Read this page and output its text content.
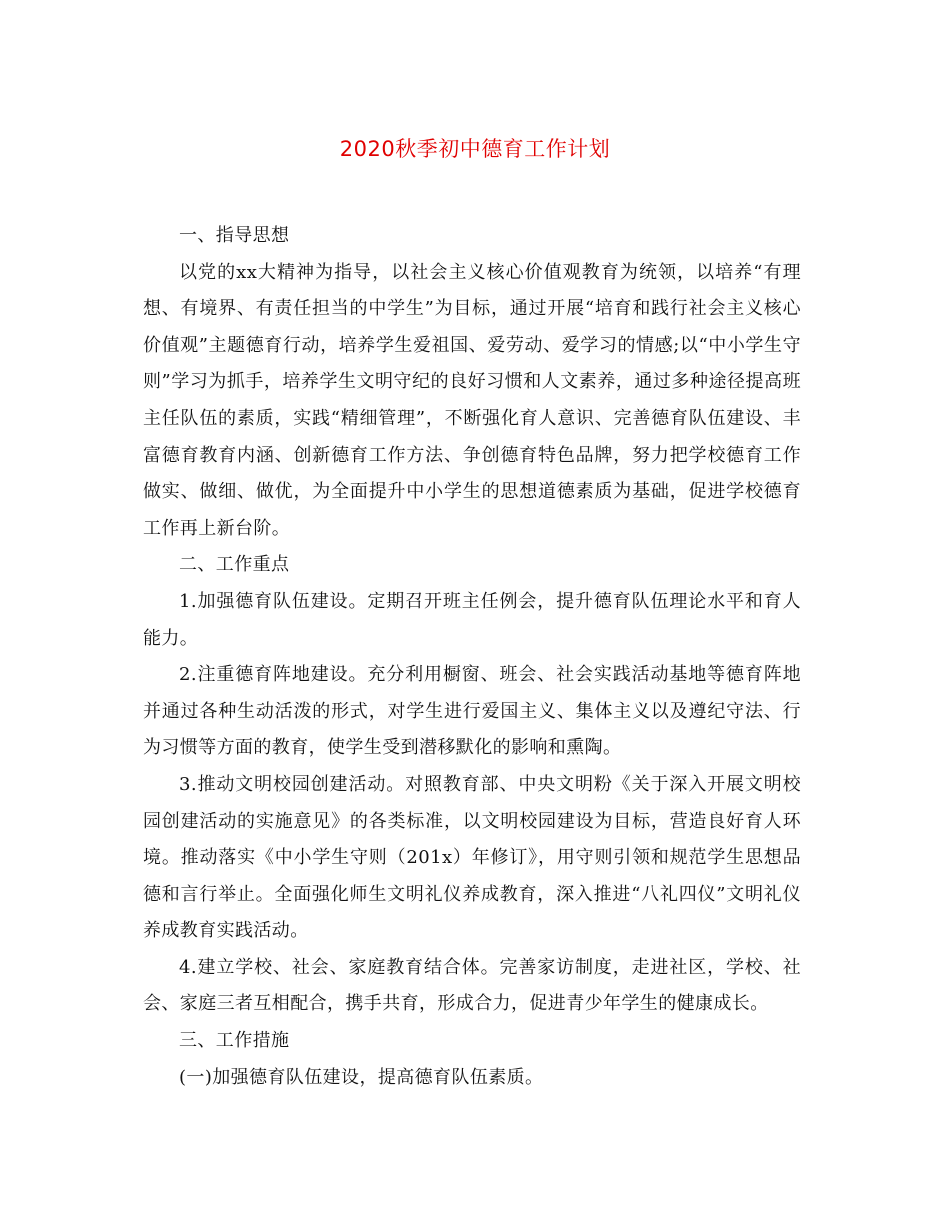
2020秋季初中德育工作计划

一、指导思想

以党的xx大精神为指导，以社会主义核心价值观教育为统领，以培养“有理想、有境界、有责任担当的中学生”为目标，通过开展“培育和践行社会主义核心价值观”主题德育行动，培养学生爱祖国、爱劳动、爱学习的情感;以“中小学生守则”学习为抓手，培养学生文明守纪的良好习惯和人文素养，通过多种途径提高班主任队伍的素质，实践“精细管理”，不断强化育人意识、完善德育队伍建设、丰富德育教育内涵、创新德育工作方法、争创德育特色品牌，努力把学校德育工作做实、做细、做优，为全面提升中小学生的思想道德素质为基础，促进学校德育工作再上新台阶。

二、工作重点

1.加强德育队伍建设。定期召开班主任例会，提升德育队伍理论水平和育人能力。

2.注重德育阵地建设。充分利用橱窗、班会、社会实践活动基地等德育阵地并通过各种生动活泼的形式，对学生进行爱国主义、集体主义以及遵纪守法、行为习惯等方面的教育，使学生受到潜移默化的影响和熏陶。

3.推动文明校园创建活动。对照教育部、中央文明粉《关于深入开展文明校园创建活动的实施意见》的各类标准，以文明校园建设为目标，营造良好育人环境。推动落实《中小学生守则（201x）年修订》，用守则引领和规范学生思想品德和言行举止。全面强化师生文明礼仪养成教育，深入推进“八礼四仪”文明礼仪养成教育实践活动。

4.建立学校、社会、家庭教育结合体。完善家访制度，走进社区，学校、社会、家庭三者互相配合，携手共育，形成合力，促进青少年学生的健康成长。

三、工作措施

(一)加强德育队伍建设，提高德育队伍素质。
